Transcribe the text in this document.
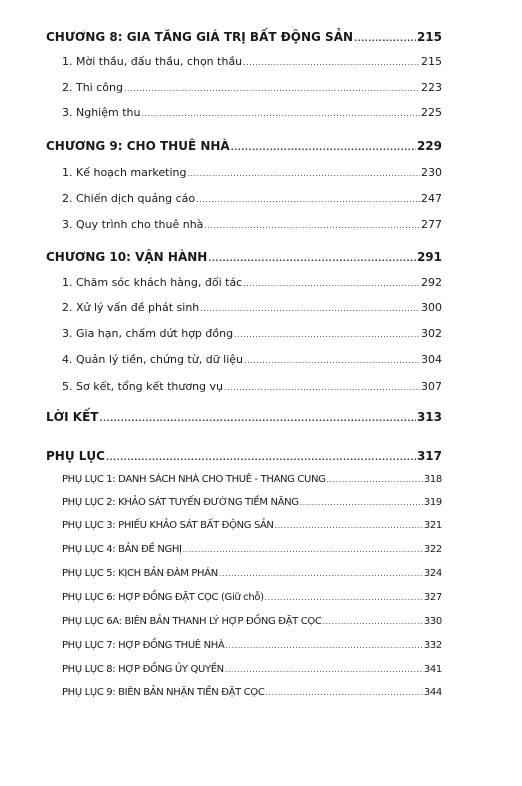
CHƯƠNG 8: GIA TĂNG GIÁ TRỊ BẤT ĐỘNG SẢN .....	215
1. Mời thầu, đấu thầu, chọn thầu .....	215
2. Thi công .....	223
3. Nghiệm thu .....	225
CHƯƠNG 9: CHO THUÊ NHÀ .....	229
1. Kế hoạch marketing .....	230
2. Chiến dịch quảng cáo .....	247
3. Quy trình cho thuê nhà .....	277
CHƯƠNG 10: VẬN HÀNH .....	291
1. Chăm sóc khách hàng, đối tác .....	292
2. Xử lý vấn đề phát sinh .....	300
3. Gia hạn, chấm dứt hợp đồng .....	302
4. Quản lý tiền, chứng từ, dữ liệu .....	304
5. Sơ kết, tổng kết thương vụ .....	307
LỜI KẾT .....	313
PHỤ LỤC .....	317
PHỤ LỤC 1: DANH SÁCH NHÀ CHO THUÊ - THANG CUNG .....	318
PHỤ LỤC 2: KHẢO SÁT TUYẾN ĐƯỜNG TIỀM NĂNG .....	319
PHỤ LỤC 3: PHIẾU KHẢO SÁT BẤT ĐỘNG SẢN .....	321
PHỤ LỤC 4: BẢN ĐỀ NGHỊ .....	322
PHỤ LỤC 5: KỊCH BẢN ĐÀM PHÁN .....	324
PHỤ LỤC 6: HỢP ĐỒNG ĐẶT CỌC (Giữ chỗ) .....	327
PHỤ LỤC 6A: BIÊN BẢN THANH LÝ HỢP ĐỒNG ĐẶT CỌC .....	330
PHỤ LỤC 7: HỢP ĐỒNG THUÊ NHÀ .....	332
PHỤ LỤC 8: HỢP ĐỒNG ỦY QUYỀN .....	341
PHỤ LỤC 9: BIÊN BẢN NHẬN TIỀN ĐẶT CỌC .....	344
